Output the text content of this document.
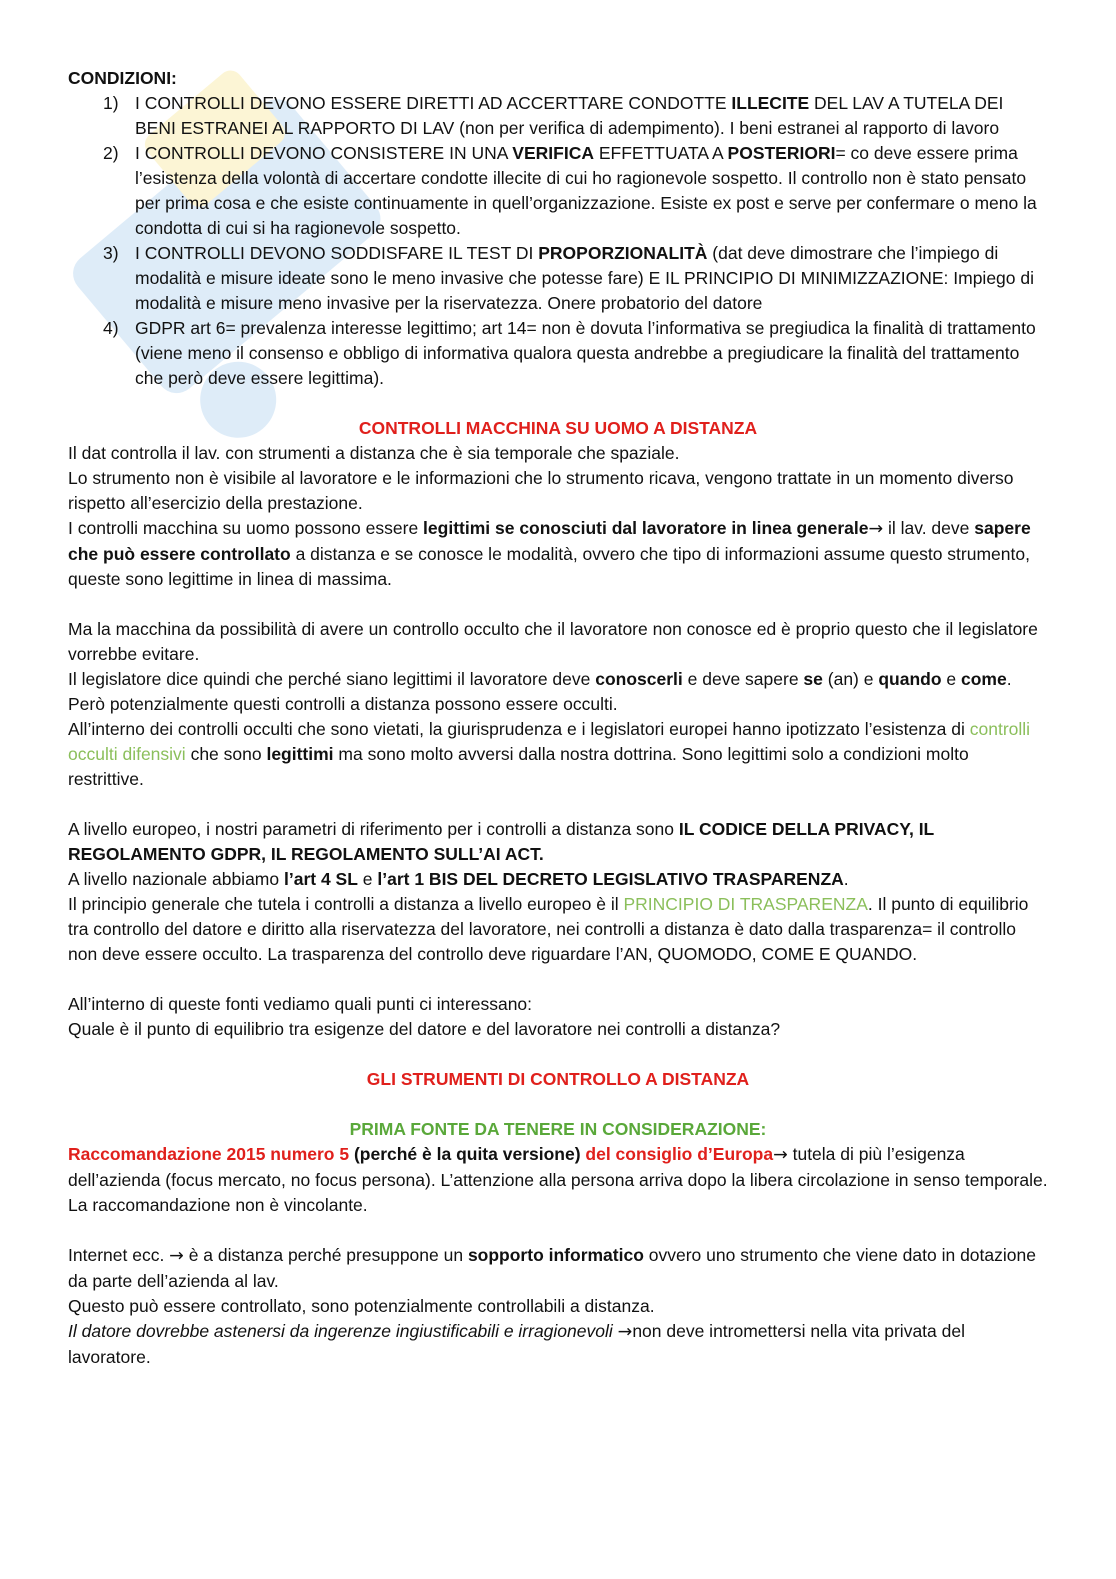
CONDIZIONI:

1) I CONTROLLI DEVONO ESSERE DIRETTI AD ACCERTTARE CONDOTTE ILLECITE DEL LAV A TUTELA DEI BENI ESTRANEI AL RAPPORTO DI LAV (non per verifica di adempimento). I beni estranei al rapporto di lavoro
2) I CONTROLLI DEVONO CONSISTERE IN UNA VERIFICA EFFETTUATA A POSTERIORI= co deve essere prima l’esistenza della volontà di accertare condotte illecite di cui ho ragionevole sospetto. Il controllo non è stato pensato per prima cosa e che esiste continuamente in quell’organizzazione. Esiste ex post e serve per confermare o meno la condotta di cui si ha ragionevole sospetto.
3) I CONTROLLI DEVONO SODDISFARE IL TEST DI PROPORZIONALITÀ (dat deve dimostrare che l’impiego di modalità e misure ideate sono le meno invasive che potesse fare) E IL PRINCIPIO DI MINIMIZZAZIONE: Impiego di modalità e misure meno invasive per la riservatezza. Onere probatorio del datore
4) GDPR art 6= prevalenza interesse legittimo; art 14= non è dovuta l’informativa se pregiudica la finalità di trattamento (viene meno il consenso e obbligo di informativa qualora questa andrebbe a pregiudicare la finalità del trattamento che però deve essere legittima).

CONTROLLI MACCHINA SU UOMO A DISTANZA

Il dat controlla il lav. con strumenti a distanza che è sia temporale che spaziale.

Lo strumento non è visibile al lavoratore e le informazioni che lo strumento ricava, vengono trattate in un momento diverso rispetto all’esercizio della prestazione.

I controlli macchina su uomo possono essere legittimi se conosciuti dal lavoratore in linea generale→ il lav. deve sapere che può essere controllato a distanza e se conosce le modalità, ovvero che tipo di informazioni assume questo strumento, queste sono legittime in linea di massima.

Ma la macchina da possibilità di avere un controllo occulto che il lavoratore non conosce ed è proprio questo che il legislatore vorrebbe evitare.

Il legislatore dice quindi che perché siano legittimi il lavoratore deve conoscerli e deve sapere se (an) e quando e come.

Però potenzialmente questi controlli a distanza possono essere occulti.

All’interno dei controlli occulti che sono vietati, la giurisprudenza e i legislatori europei hanno ipotizzato l’esistenza di controlli occulti difensivi che sono legittimi ma sono molto avversi dalla nostra dottrina. Sono legittimi solo a condizioni molto restrittive.

A livello europeo, i nostri parametri di riferimento per i controlli a distanza sono IL CODICE DELLA PRIVACY, IL REGOLAMENTO GDPR, IL REGOLAMENTO SULL’AI ACT.

A livello nazionale abbiamo l’art 4 SL e l’art 1 BIS DEL DECRETO LEGISLATIVO TRASPARENZA.

Il principio generale che tutela i controlli a distanza a livello europeo è il PRINCIPIO DI TRASPARENZA. Il punto di equilibrio tra controllo del datore e diritto alla riservatezza del lavoratore, nei controlli a distanza è dato dalla trasparenza= il controllo non deve essere occulto. La trasparenza del controllo deve riguardare l’AN, QUOMODO, COME E QUANDO.

All’interno di queste fonti vediamo quali punti ci interessano:

Quale è il punto di equilibrio tra esigenze del datore e del lavoratore nei controlli a distanza?

GLI STRUMENTI DI CONTROLLO A DISTANZA

PRIMA FONTE DA TENERE IN CONSIDERAZIONE:

Raccomandazione 2015 numero 5 (perché è la quita versione) del consiglio d’Europa→ tutela di più l’esigenza dell’azienda (focus mercato, no focus persona). L’attenzione alla persona arriva dopo la libera circolazione in senso temporale. La raccomandazione non è vincolante.

Internet ecc. → è a distanza perché presuppone un sopporto informatico ovvero uno strumento che viene dato in dotazione da parte dell’azienda al lav.

Questo può essere controllato, sono potenzialmente controllabili a distanza.

Il datore dovrebbe astenersi da ingerenze ingiustificabili e irragionevoli →non deve intromettersi nella vita privata del lavoratore.
